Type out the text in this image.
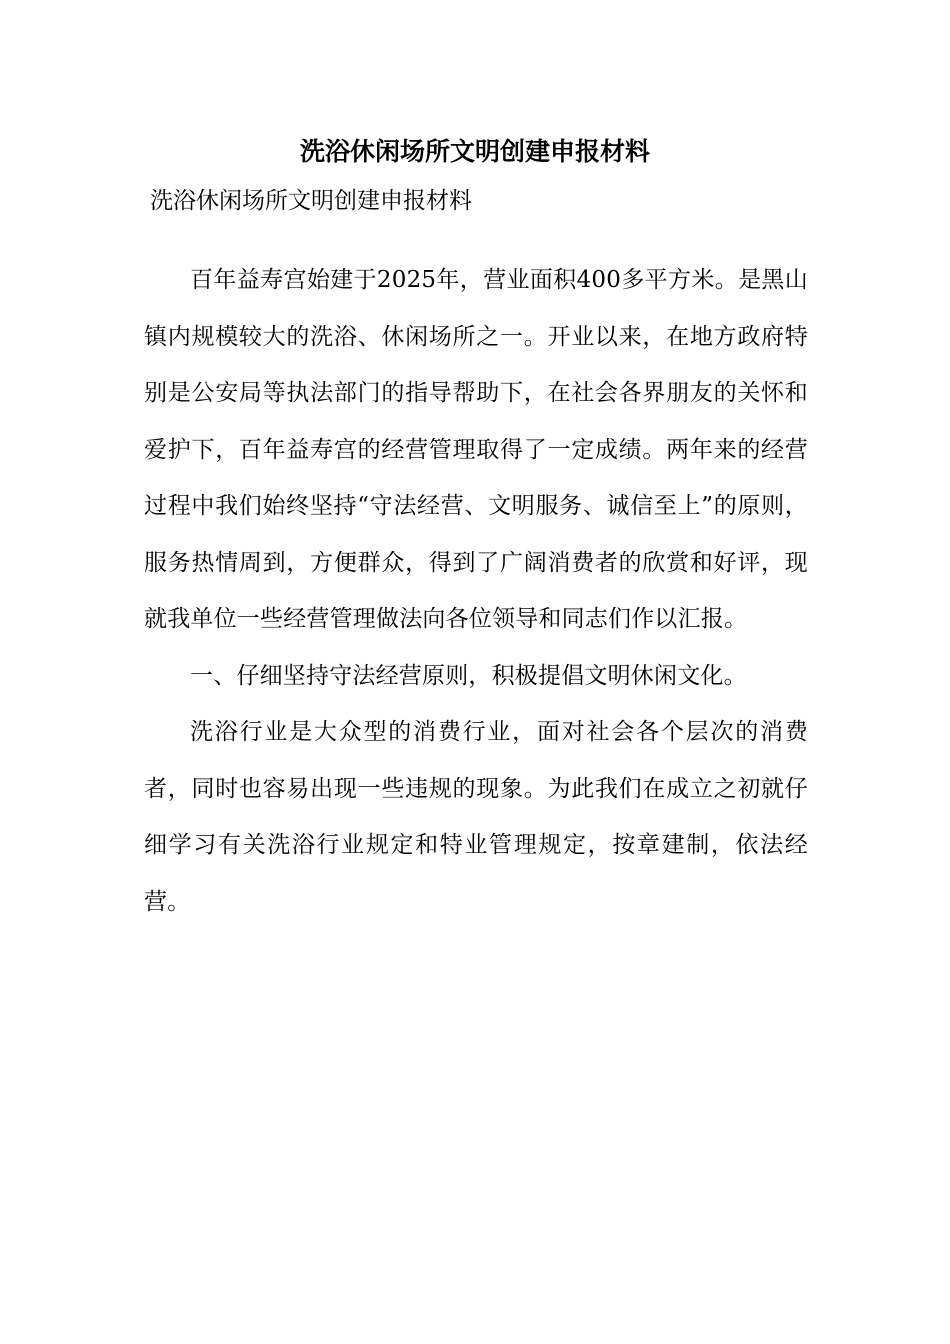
洗浴休闲场所文明创建申报材料

洗浴休闲场所文明创建申报材料

百年益寿宫始建于2025年，营业面积400多平方米。是黑山镇内规模较大的洗浴、休闲场所之一。开业以来，在地方政府特别是公安局等执法部门的指导帮助下，在社会各界朋友的关怀和爱护下，百年益寿宫的经营管理取得了一定成绩。两年来的经营过程中我们始终坚持“守法经营、文明服务、诚信至上”的原则，服务热情周到，方便群众，得到了广阔消费者的欣赏和好评，现就我单位一些经营管理做法向各位领导和同志们作以汇报。

一、仔细坚持守法经营原则，积极提倡文明休闲文化。

洗浴行业是大众型的消费行业，面对社会各个层次的消费者，同时也容易出现一些违规的现象。为此我们在成立之初就仔细学习有关洗浴行业规定和特业管理规定，按章建制，依法经营。
